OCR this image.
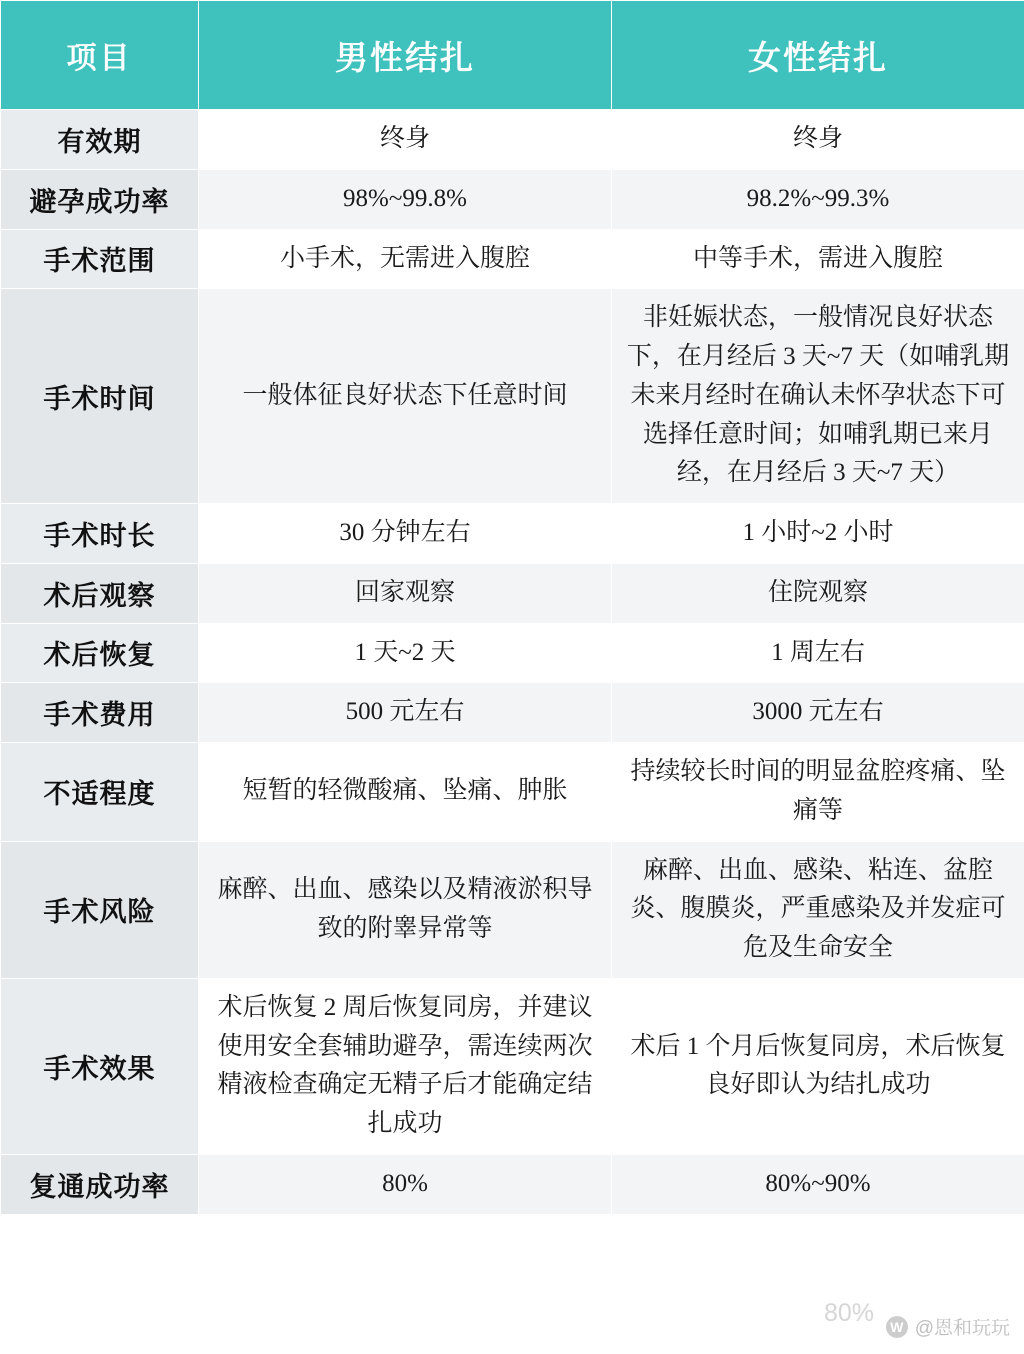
项目	男性结扎	女性结扎
有效期	终身	终身
避孕成功率	98%~99.8%	98.2%~99.3%
手术范围	小手术，无需进入腹腔	中等手术，需进入腹腔
手术时间	一般体征良好状态下任意时间	非妊娠状态，一般情况良好状态下，在月经后 3 天~7 天（如哺乳期未来月经时在确认未怀孕状态下可选择任意时间；如哺乳期已来月经，在月经后 3 天~7 天）
手术时长	30 分钟左右	1 小时~2 小时
术后观察	回家观察	住院观察
术后恢复	1 天~2 天	1 周左右
手术费用	500 元左右	3000 元左右
不适程度	短暂的轻微酸痛、坠痛、肿胀	持续较长时间的明显盆腔疼痛、坠痛等
手术风险	麻醉、出血、感染以及精液淤积导致的附睾异常等	麻醉、出血、感染、粘连、盆腔炎、腹膜炎，严重感染及并发症可危及生命安全
手术效果	术后恢复 2 周后恢复同房，并建议使用安全套辅助避孕，需连续两次精液检查确定无精子后才能确定结扎成功	术后 1 个月后恢复同房，术后恢复良好即认为结扎成功
复通成功率	80%	80%~90%
80%	W @恩和玩玩
